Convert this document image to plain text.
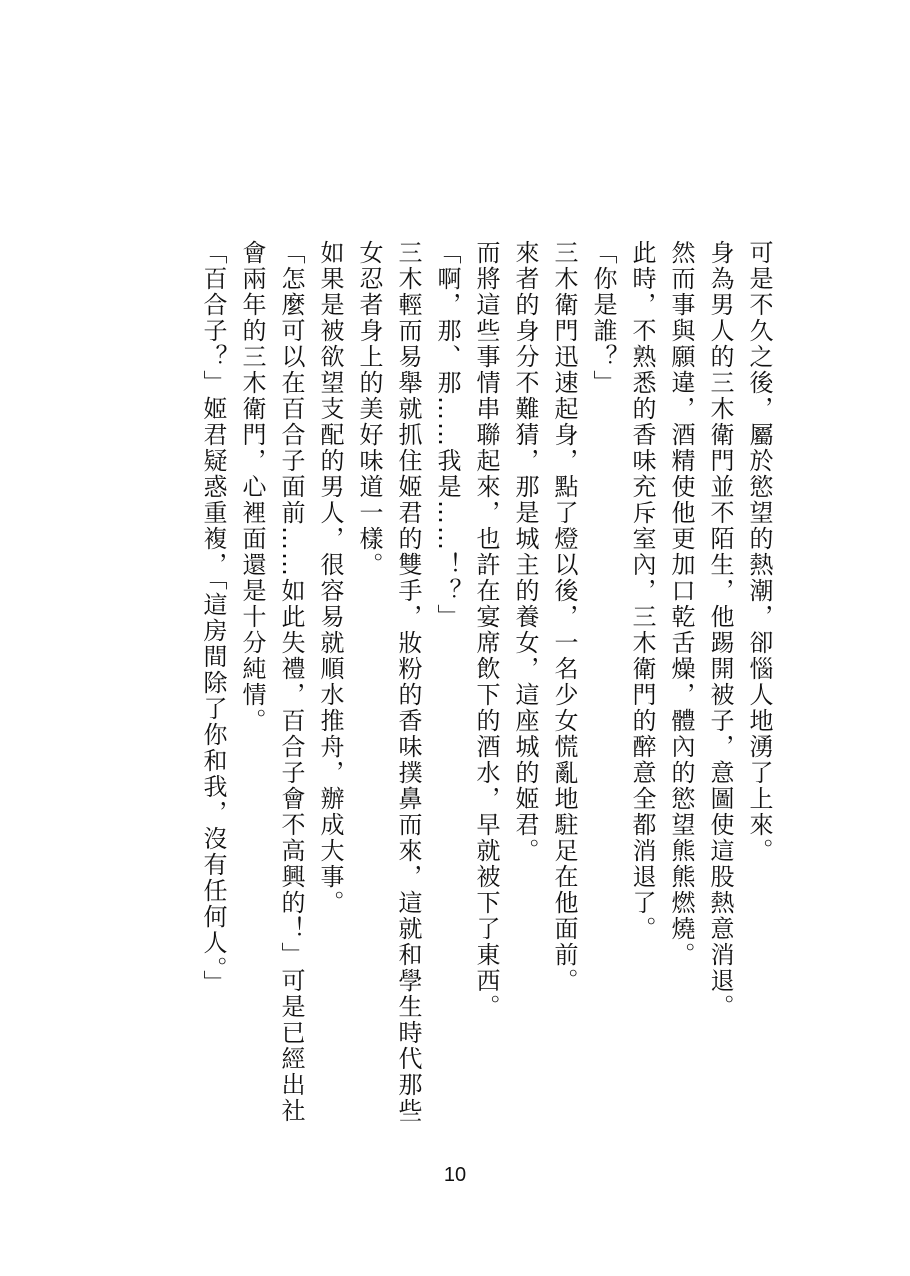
可是不久之後，屬於慾望的熱潮，卻惱人地湧了上來。

身為男人的三木衛門並不陌生，他踢開被子，意圖使這股熱意消退。

然而事與願違，酒精使他更加口乾舌燥，體內的慾望熊熊燃燒。

此時，不熟悉的香味充斥室內，三木衛門的醉意全都消退了。

「你是誰？」

三木衛門迅速起身，點了燈以後，一名少女慌亂地駐足在他面前。

來者的身分不難猜，那是城主的養女，這座城的姬君。

而將這些事情串聯起來，也許在宴席飲下的酒水，早就被下了東西。

「啊，那、那……我是……！？」

三木輕而易舉就抓住姬君的雙手，妝粉的香味撲鼻而來，這就和學生時代那些女忍者身上的美好味道一樣。

如果是被欲望支配的男人，很容易就順水推舟，辦成大事。

「怎麼可以在百合子面前……如此失禮，百合子會不高興的！」可是已經出社會兩年的三木衛門，心裡面還是十分純情。

「百合子？」姬君疑惑重複，「這房間除了你和我，沒有任何人。」

10
